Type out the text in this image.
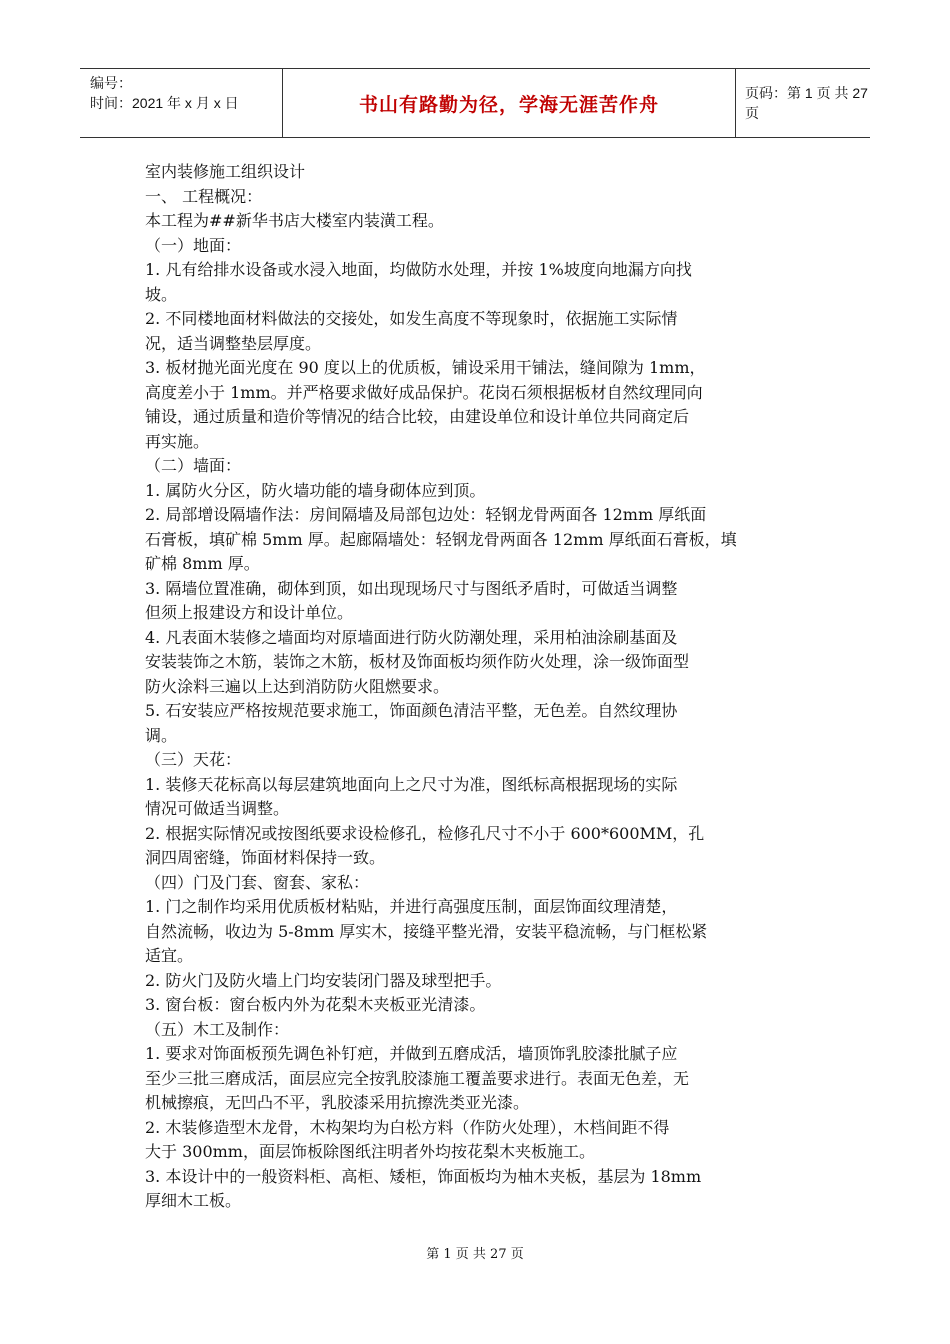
编号：
时间：2021 年 x 月 x 日	书山有路勤为径，学海无涯苦作舟
页码：第 1 页 共 27 页
室内装修施工组织设计
一、 工程概况：
本工程为##新华书店大楼室内装潢工程。
（一）地面：
1. 凡有给排水设备或水浸入地面，均做防水处理，并按 1%坡度向地漏方向找
坡。
2. 不同楼地面材料做法的交接处，如发生高度不等现象时，依据施工实际情
况，适当调整垫层厚度。
3. 板材抛光面光度在 90 度以上的优质板，铺设采用干铺法，缝间隙为 1mm，
高度差小于 1mm。并严格要求做好成品保护。花岗石须根据板材自然纹理同向
铺设，通过质量和造价等情况的结合比较，由建设单位和设计单位共同商定后
再实施。
（二）墙面：
1. 属防火分区，防火墙功能的墙身砌体应到顶。
2. 局部增设隔墙作法：房间隔墙及局部包边处：轻钢龙骨两面各 12mm 厚纸面
石膏板，填矿棉 5mm 厚。起廊隔墙处：轻钢龙骨两面各 12mm 厚纸面石膏板，填
矿棉 8mm 厚。
3. 隔墙位置准确，砌体到顶，如出现现场尺寸与图纸矛盾时，可做适当调整
但须上报建设方和设计单位。
4. 凡表面木装修之墙面均对原墙面进行防火防潮处理，采用柏油涂刷基面及
安装装饰之木筋，装饰之木筋，板材及饰面板均须作防火处理，涂一级饰面型
防火涂料三遍以上达到消防防火阻燃要求。
5. 石安装应严格按规范要求施工，饰面颜色清洁平整，无色差。自然纹理协
调。
（三）天花：
1. 装修天花标高以每层建筑地面向上之尺寸为准，图纸标高根据现场的实际
情况可做适当调整。
2. 根据实际情况或按图纸要求设检修孔，检修孔尺寸不小于 600*600MM，孔
洞四周密缝，饰面材料保持一致。
（四）门及门套、窗套、家私：
1. 门之制作均采用优质板材粘贴，并进行高强度压制，面层饰面纹理清楚，
自然流畅，收边为 5-8mm 厚实木，接缝平整光滑，安装平稳流畅，与门框松紧
适宜。
2. 防火门及防火墙上门均安装闭门器及球型把手。
3. 窗台板：窗台板内外为花梨木夹板亚光清漆。
（五）木工及制作：
1. 要求对饰面板预先调色补钉疤，并做到五磨成活，墙顶饰乳胶漆批腻子应
至少三批三磨成活，面层应完全按乳胶漆施工覆盖要求进行。表面无色差，无
机械擦痕，无凹凸不平，乳胶漆采用抗擦洗类亚光漆。
2. 木装修造型木龙骨，木构架均为白松方料（作防火处理），木档间距不得
大于 300mm，面层饰板除图纸注明者外均按花梨木夹板施工。
3. 本设计中的一般资料柜、高柜、矮柜，饰面板均为柚木夹板，基层为 18mm
厚细木工板。
第 1 页 共 27 页
